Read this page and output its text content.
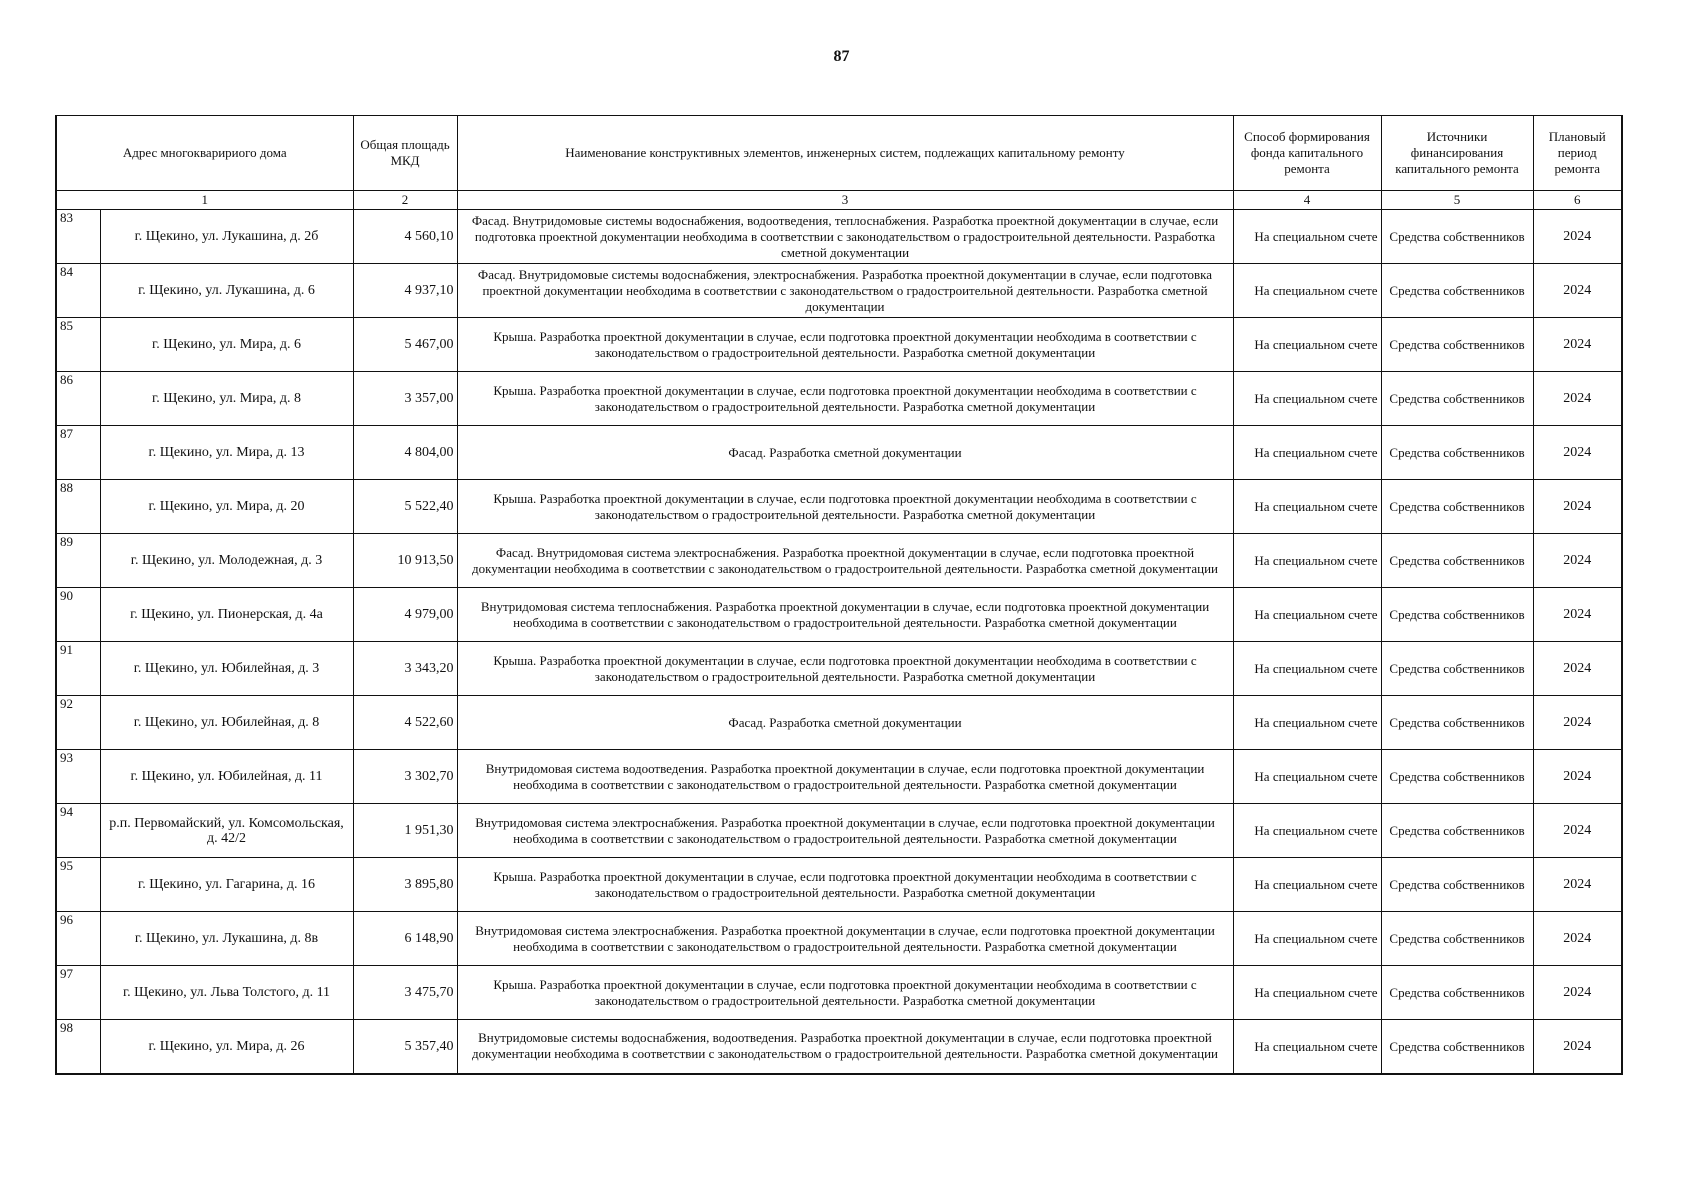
87
Адрес многокваририого дома		Общая площадь МКД	Наименование конструктивных элементов, инженерных систем, подлежащих капитальному ремонту	Способ формирования фонда капитального ремонта	Источники финансирования капитального ремонта	Плановый период ремонта
1		2	3	4	5	6
83	г. Щекино, ул. Лукашина, д. 2б	4 560,10	Фасад. Внутридомовые системы водоснабжения, водоотведения, теплоснабжения. Разработка проектной документации в случае, если подготовка проектной документации необходима в соответствии с законодательством о градостроительной деятельности. Разработка сметной документации	На специальном счете	Средства собственников	2024
84	г. Щекино, ул. Лукашина, д. 6	4 937,10	Фасад. Внутридомовые системы водоснабжения, электроснабжения. Разработка проектной документации в случае, если подготовка проектной документации необходима в соответствии с законодательством о градостроительной деятельности. Разработка сметной документации	На специальном счете	Средства собственников	2024
85	г. Щекино, ул. Мира, д. 6	5 467,00	Крыша. Разработка проектной документации в случае, если подготовка проектной документации необходима в соответствии с законодательством о градостроительной деятельности. Разработка сметной документации	На специальном счете	Средства собственников	2024
86	г. Щекино, ул. Мира, д. 8	3 357,00	Крыша. Разработка проектной документации в случае, если подготовка проектной документации необходима в соответствии с законодательством о градостроительной деятельности. Разработка сметной документации	На специальном счете	Средства собственников	2024
87	г. Щекино, ул. Мира, д. 13	4 804,00	Фасад. Разработка сметной документации	На специальном счете	Средства собственников	2024
88	г. Щекино, ул. Мира, д. 20	5 522,40	Крыша. Разработка проектной документации в случае, если подготовка проектной документации необходима в соответствии с законодательством о градостроительной деятельности. Разработка сметной документации	На специальном счете	Средства собственников	2024
89	г. Щекино, ул. Молодежная, д. 3	10 913,50	Фасад. Внутридомовая система электроснабжения. Разработка проектной документации в случае, если подготовка проектной документации необходима в соответствии с законодательством о градостроительной деятельности. Разработка сметной документации	На специальном счете	Средства собственников	2024
90	г. Щекино, ул. Пионерская, д. 4а	4 979,00	Внутридомовая система теплоснабжения. Разработка проектной документации в случае, если подготовка проектной документации необходима в соответствии с законодательством о градостроительной деятельности. Разработка сметной документации	На специальном счете	Средства собственников	2024
91	г. Щекино, ул. Юбилейная, д. 3	3 343,20	Крыша. Разработка проектной документации в случае, если подготовка проектной документации необходима в соответствии с законодательством о градостроительной деятельности. Разработка сметной документации	На специальном счете	Средства собственников	2024
92	г. Щекино, ул. Юбилейная, д. 8	4 522,60	Фасад. Разработка сметной документации	На специальном счете	Средства собственников	2024
93	г. Щекино, ул. Юбилейная, д. 11	3 302,70	Внутридомовая система водоотведения. Разработка проектной документации в случае, если подготовка проектной документации необходима в соответствии с законодательством о градостроительной деятельности. Разработка сметной документации	На специальном счете	Средства собственников	2024
94	р.п. Первомайский, ул. Комсомольская, д. 42/2	1 951,30	Внутридомовая система электроснабжения. Разработка проектной документации в случае, если подготовка проектной документации необходима в соответствии с законодательством о градостроительной деятельности. Разработка сметной документации	На специальном счете	Средства собственников	2024
95	г. Щекино, ул. Гагарина, д. 16	3 895,80	Крыша. Разработка проектной документации в случае, если подготовка проектной документации необходима в соответствии с законодательством о градостроительной деятельности. Разработка сметной документации	На специальном счете	Средства собственников	2024
96	г. Щекино, ул. Лукашина, д. 8в	6 148,90	Внутридомовая система электроснабжения. Разработка проектной документации в случае, если подготовка проектной документации необходима в соответствии с законодательством о градостроительной деятельности. Разработка сметной документации	На специальном счете	Средства собственников	2024
97	г. Щекино, ул. Льва Толстого, д. 11	3 475,70	Крыша. Разработка проектной документации в случае, если подготовка проектной документации необходима в соответствии с законодательством о градостроительной деятельности. Разработка сметной документации	На специальном счете	Средства собственников	2024
98	г. Щекино, ул. Мира, д. 26	5 357,40	Внутридомовые системы водоснабжения, водоотведения. Разработка проектной документации в случае, если подготовка проектной документации необходима в соответствии с законодательством о градостроительной деятельности. Разработка сметной документации	На специальном счете	Средства собственников	2024
